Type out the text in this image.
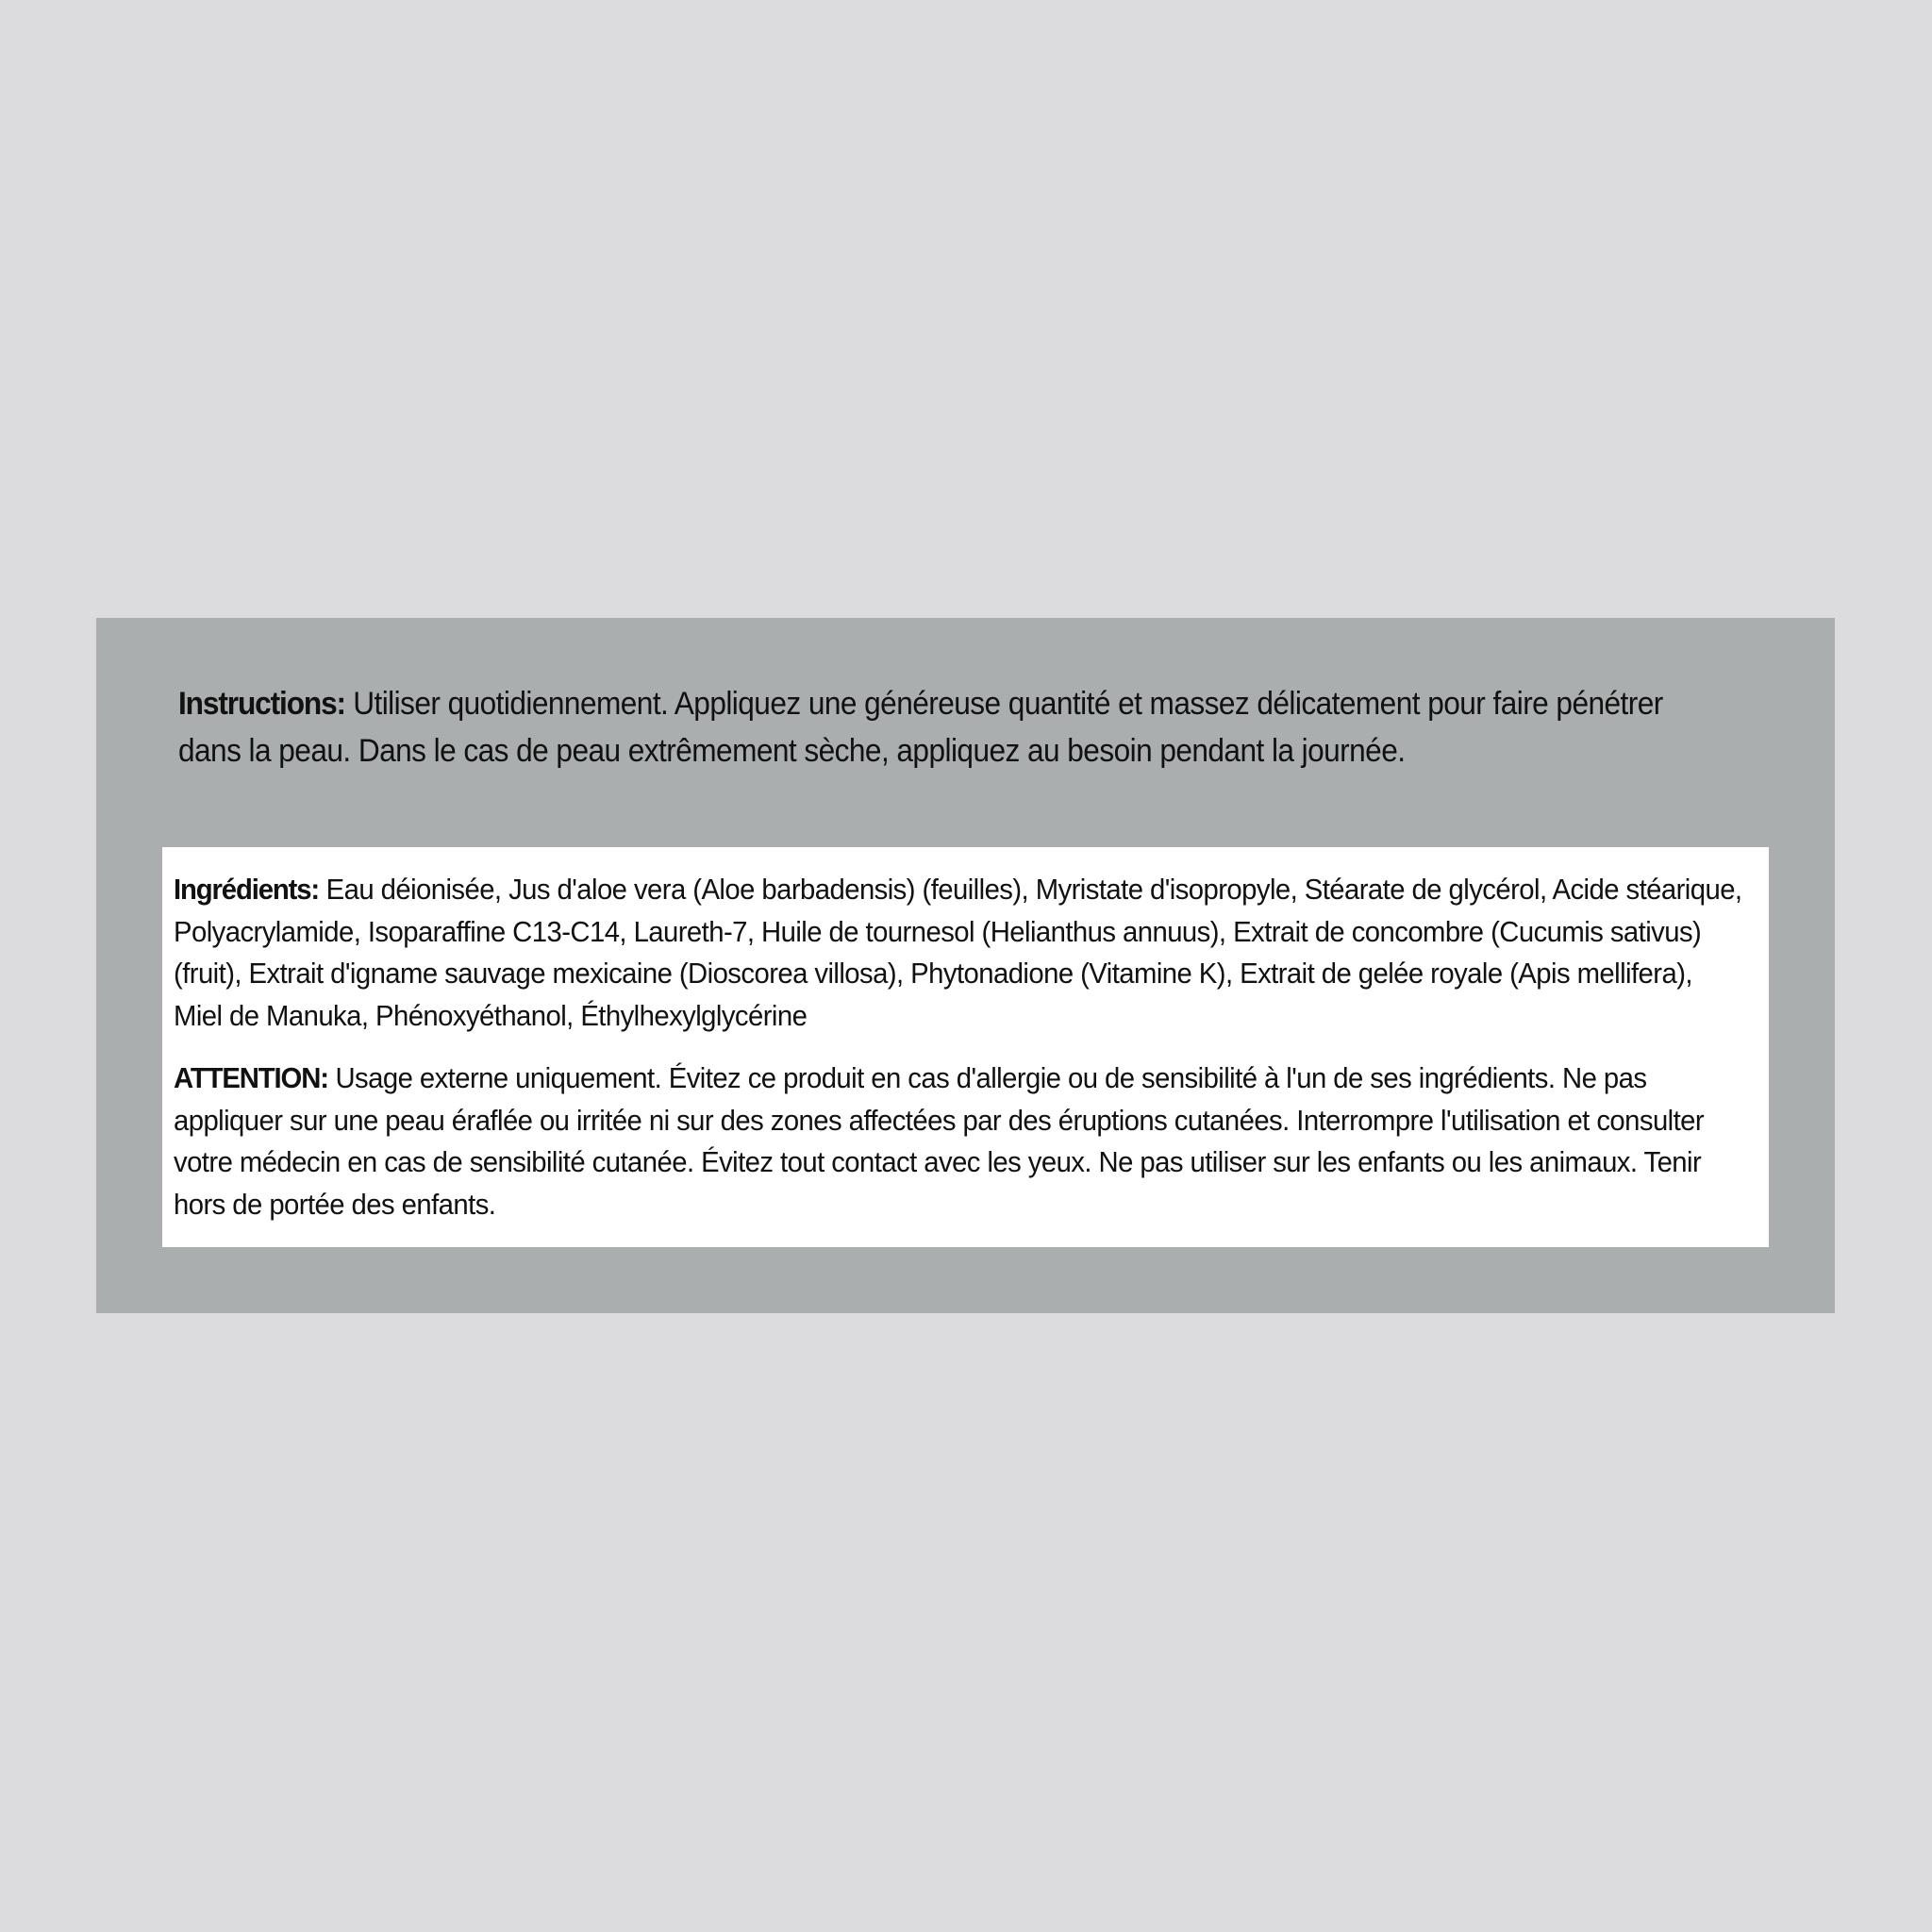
Instructions: Utiliser quotidiennement. Appliquez une généreuse quantité et massez délicatement pour faire pénétrer dans la peau. Dans le cas de peau extrêmement sèche, appliquez au besoin pendant la journée.

Ingrédients: Eau déionisée, Jus d'aloe vera (Aloe barbadensis) (feuilles), Myristate d'isopropyle, Stéarate de glycérol, Acide stéarique, Polyacrylamide, Isoparaffine C13-C14, Laureth-7, Huile de tournesol (Helianthus annuus), Extrait de concombre (Cucumis sativus) (fruit), Extrait d'igname sauvage mexicaine (Dioscorea villosa), Phytonadione (Vitamine K), Extrait de gelée royale (Apis mellifera), Miel de Manuka, Phénoxyéthanol, Éthylhexylglycérine

ATTENTION: Usage externe uniquement. Évitez ce produit en cas d'allergie ou de sensibilité à l'un de ses ingrédients. Ne pas appliquer sur une peau éraflée ou irritée ni sur des zones affectées par des éruptions cutanées. Interrompre l'utilisation et consulter votre médecin en cas de sensibilité cutanée. Évitez tout contact avec les yeux. Ne pas utiliser sur les enfants ou les animaux. Tenir hors de portée des enfants.
